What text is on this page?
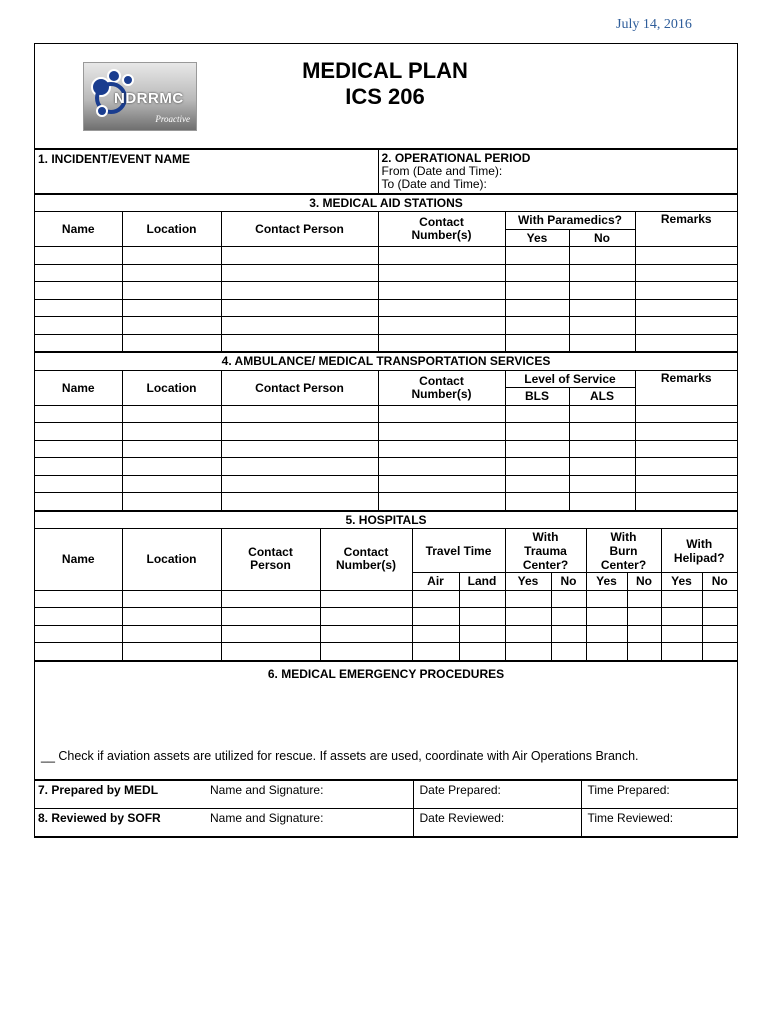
July 14, 2016
NDRRMC
Proactive
MEDICAL PLAN
ICS 206
1. INCIDENT/EVENT NAME	2. OPERATIONAL PERIOD
From (Date and Time):
To (Date and Time):
3. MEDICAL AID STATIONS						
Name	Location	Contact Person	Contact Number(s)	With Paramedics?		Remarks
				Yes	No	

4. AMBULANCE/ MEDICAL TRANSPORTATION SERVICES						
Name	Location	Contact Person	Contact Number(s)	Level of Service		Remarks
				BLS	ALS	

5. HOSPITALS											
Name	Location	Contact Person	Contact Number(s)	Travel Time		With Trauma Center?		With Burn Center?		With Helipad?	
				Air	Land	Yes	No	Yes	No	Yes	No

6. MEDICAL EMERGENCY PROCEDURES
__ Check if aviation assets are utilized for rescue. If assets are used, coordinate with Air Operations Branch.
7. Prepared by MEDL Name and Signature:	Date Prepared:	Time Prepared:
8. Reviewed by SOFR Name and Signature:	Date Reviewed:	Time Reviewed:
